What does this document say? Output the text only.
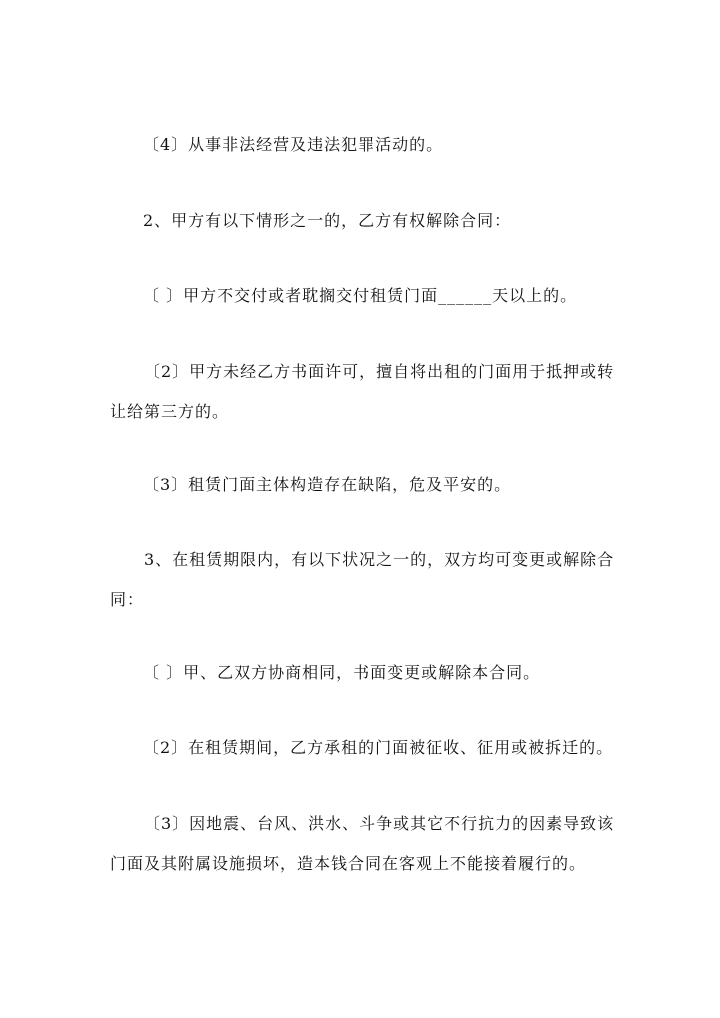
〔4〕从事非法经营及违法犯罪活动的。
2、甲方有以下情形之一的，乙方有权解除合同：
〔 〕甲方不交付或者耽搁交付租赁门面______天以上的。
〔2〕甲方未经乙方书面许可，擅自将出租的门面用于抵押或转让给第三方的。
〔3〕租赁门面主体构造存在缺陷，危及平安的。
3、在租赁期限内，有以下状况之一的，双方均可变更或解除合同：
〔 〕甲、乙双方协商相同，书面变更或解除本合同。
〔2〕在租赁期间，乙方承租的门面被征收、征用或被拆迁的。
〔3〕因地震、台风、洪水、斗争或其它不行抗力的因素导致该门面及其附属设施损坏，造本钱合同在客观上不能接着履行的。
